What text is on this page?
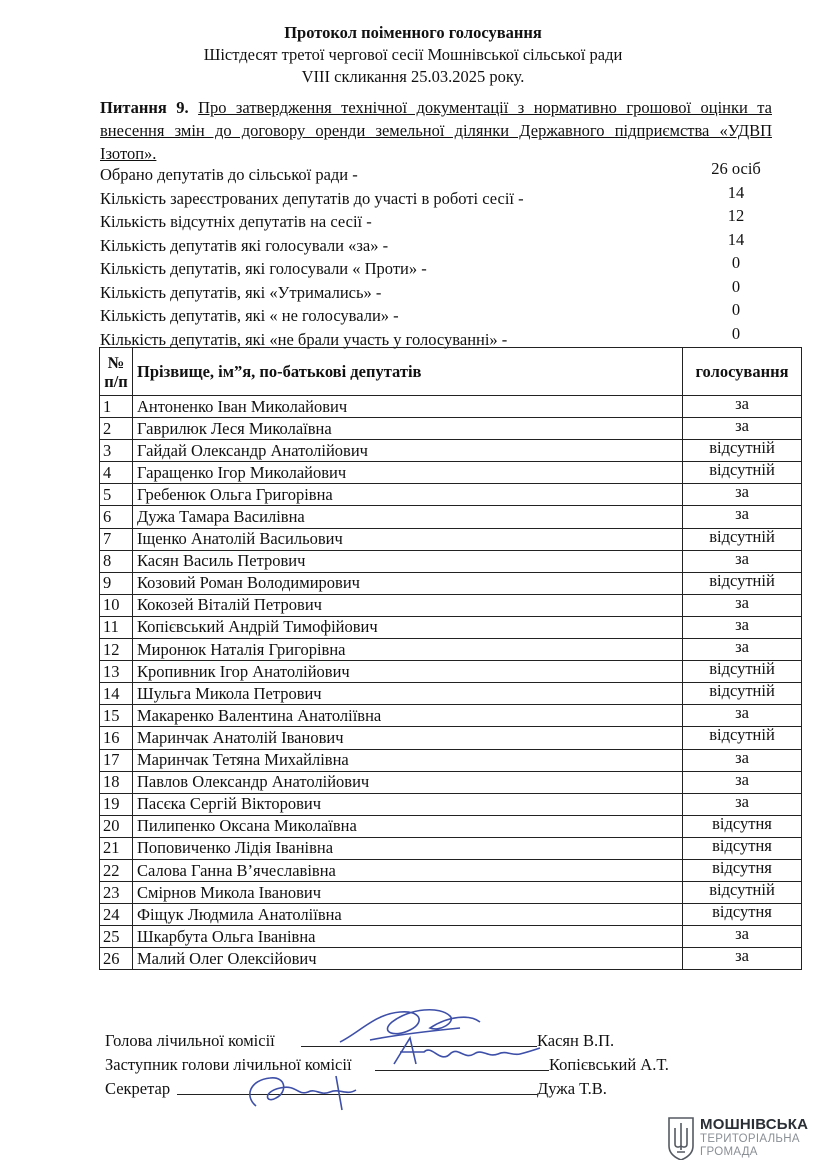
Протокол поіменного голосування
Шістдесят третої чергової сесії Мошнівської сільської ради
VIII скликання 25.03.2025 року.
Питання 9. Про затвердження технічної документації з нормативно грошової оцінки та внесення змін до договору оренди земельної ділянки Державного підприємства «УДВП Ізотоп».
Обрано депутатів до сільської ради -	26 осіб
Кількість зареєстрованих депутатів до участі в роботі сесії -	14
Кількість відсутніх депутатів на сесії -	12
Кількість депутатів які голосували «за» -	14
Кількість депутатів, які голосували « Проти» -	0
Кількість депутатів, які «Утримались» -	0
Кількість депутатів, які « не голосували» -	0
Кількість депутатів, які «не брали участь у голосуванні» -	0
№
п/п	Прізвище, ім”я, по-батькові депутатів	голосування
1	Антоненко Іван Миколайович	за
2	Гаврилюк Леся Миколаївна	за
3	Гайдай Олександр Анатолійович	відсутній
4	Гаращенко Ігор Миколайович	відсутній
5	Гребенюк Ольга Григорівна	за
6	Дужа Тамара Василівна	за
7	Іщенко Анатолій Васильович	відсутній
8	Касян Василь Петрович	за
9	Козовий Роман Володимирович	відсутній
10	Кокозей Віталій Петрович	за
11	Копієвський Андрій Тимофійович	за
12	Миронюк Наталія Григорівна	за
13	Кропивник Ігор Анатолійович	відсутній
14	Шульга Микола Петрович	відсутній
15	Макаренко Валентина Анатоліївна	за
16	Маринчак Анатолій Іванович	відсутній
17	Маринчак Тетяна Михайлівна	за
18	Павлов Олександр Анатолійович	за
19	Пасєка Сергій Вікторович	за
20	Пилипенко Оксана Миколаївна	відсутня
21	Поповиченко Лідія Іванівна	відсутня
22	Салова Ганна В’ячеславівна	відсутня
23	Смірнов Микола Іванович	відсутній
24	Фіщук Людмила Анатоліївна	відсутня
25	Шкарбута Ольга Іванівна	за
26	Малий Олег Олексійович	за
Голова лічильної комісії	Касян В.П.
Заступник голови лічильної комісії	Копієвський А.Т.
Секретар	Дужа Т.В.
МОШНІВСЬКА
ТЕРИТОРІАЛЬНА
ГРОМАДА
